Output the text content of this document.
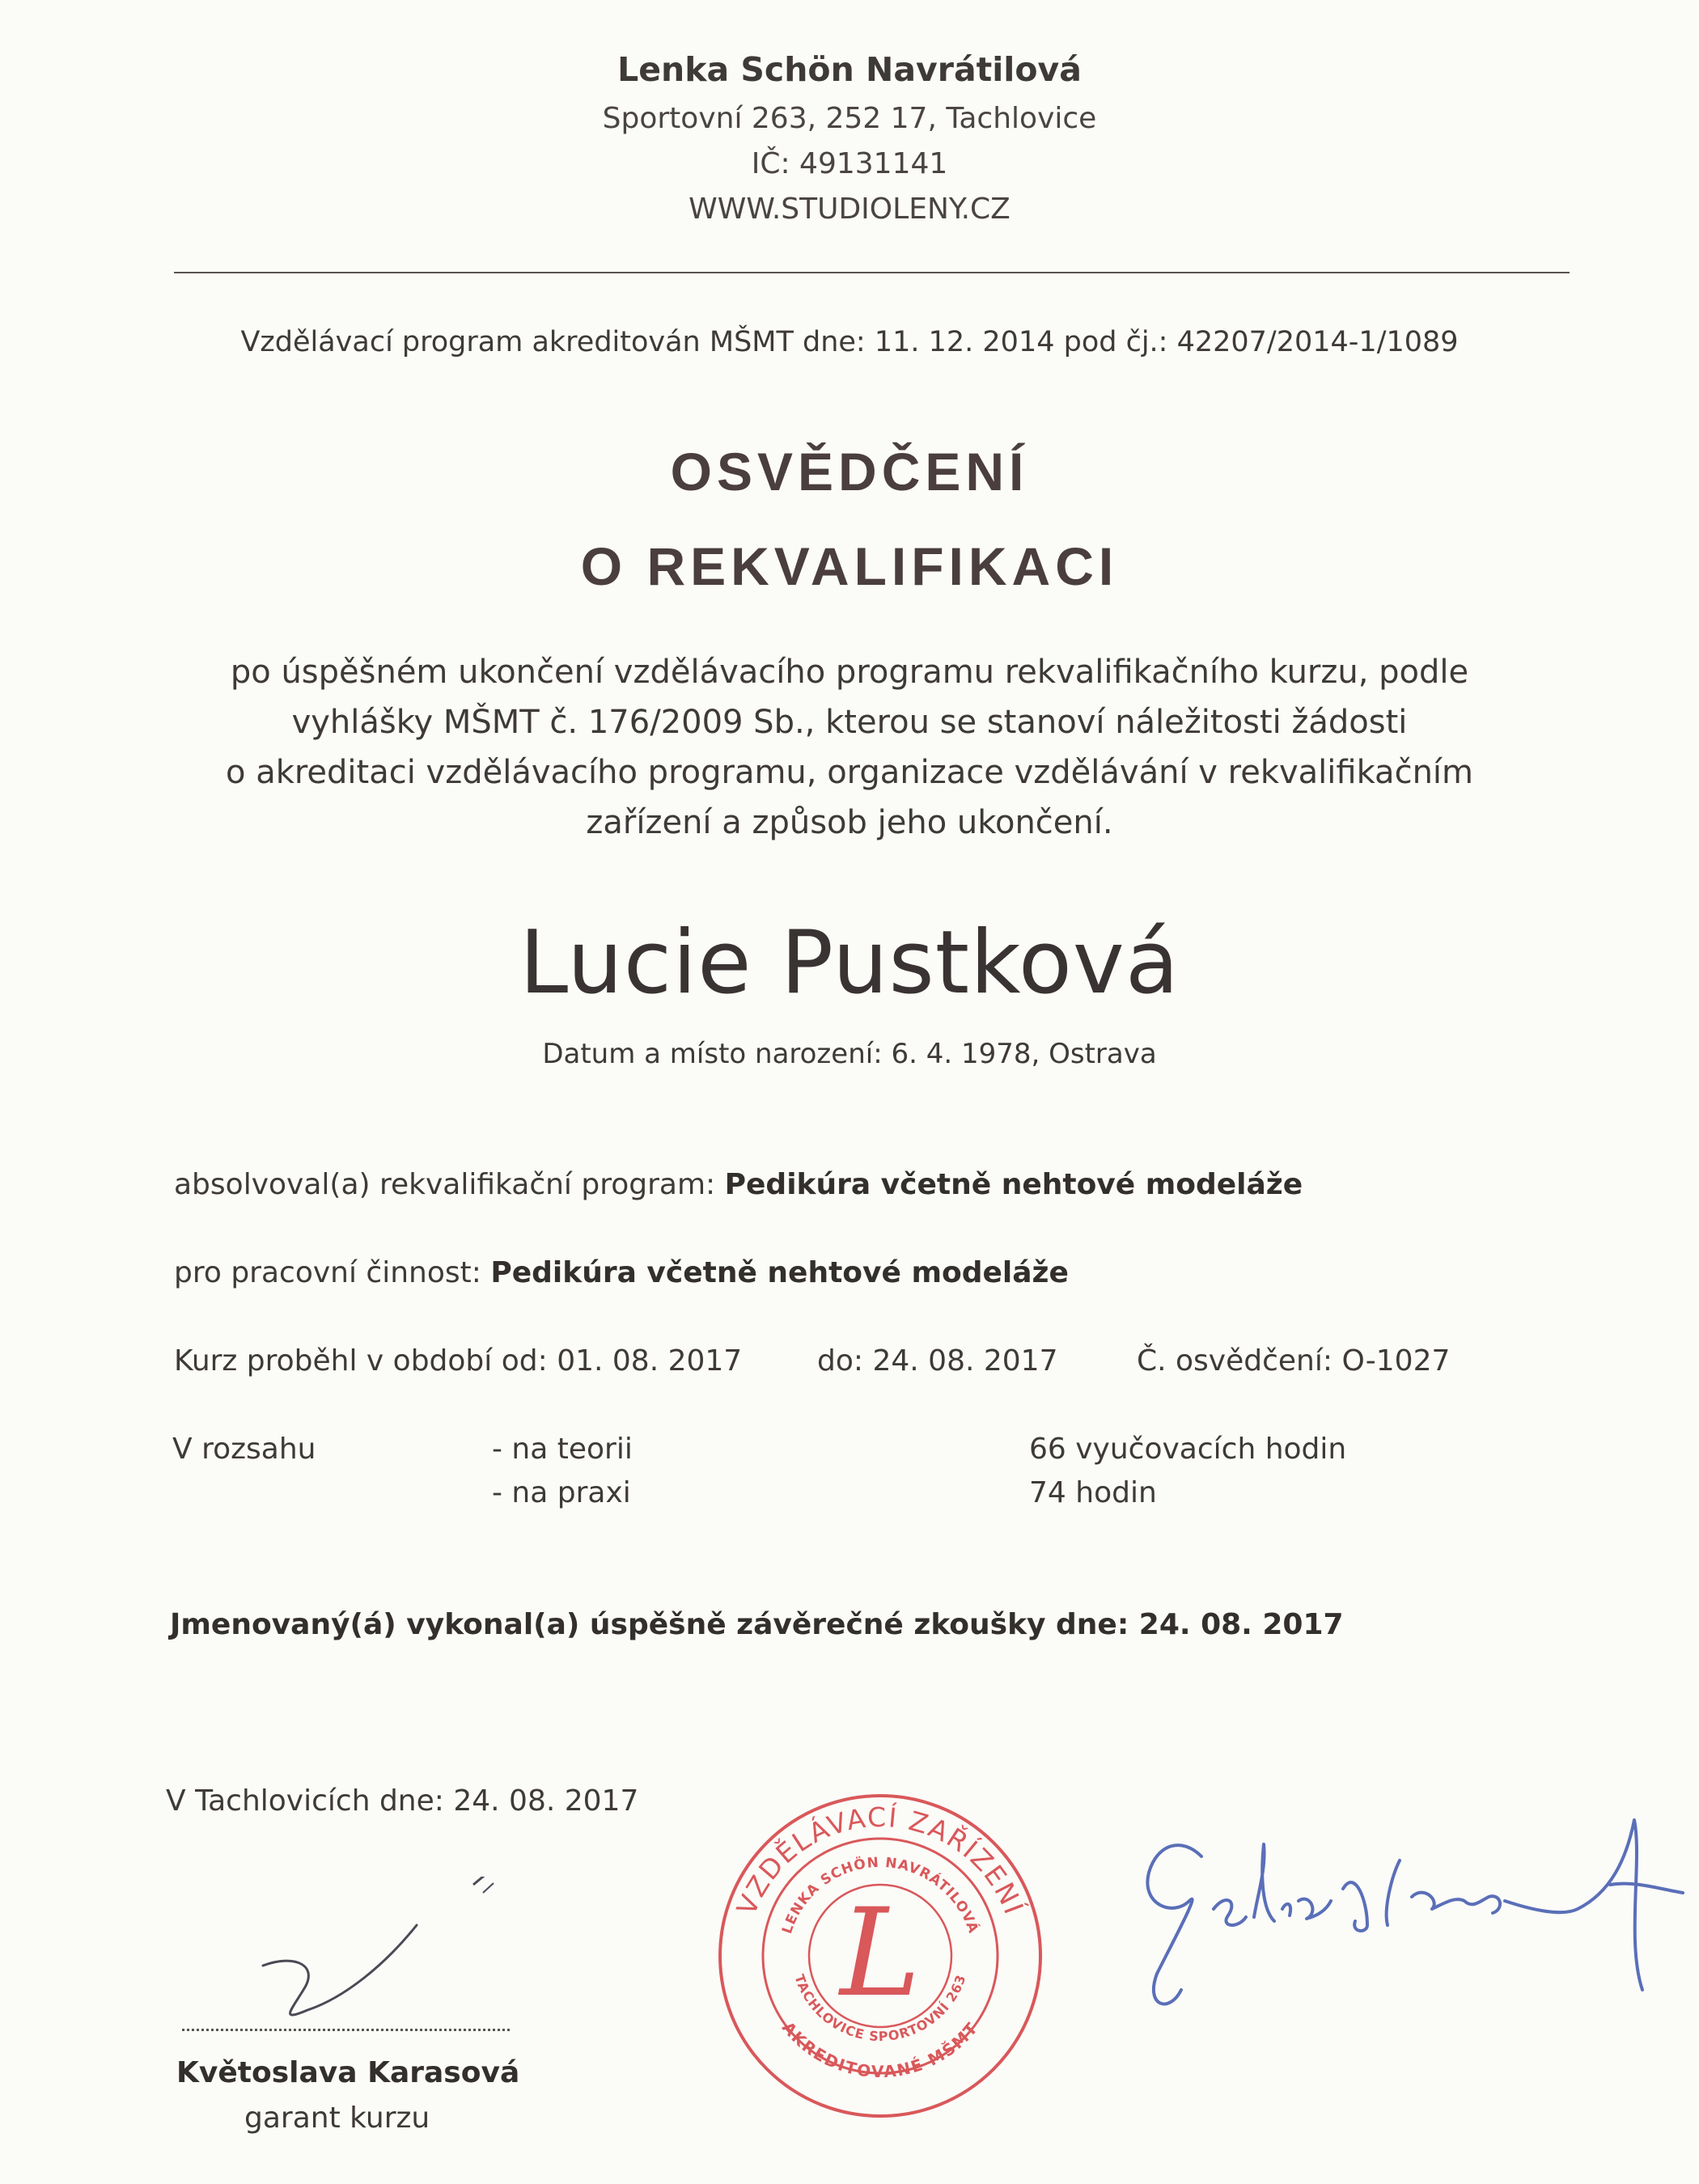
Lenka Schön Navrátilová
Sportovní 263, 252 17, Tachlovice
IČ: 49131141
WWW.STUDIOLENY.CZ
Vzdělávací program akreditován MŠMT dne: 11. 12. 2014 pod čj.: 42207/2014-1/1089
OSVĚDČENÍ
O REKVALIFIKACI
po úspěšném ukončení vzdělávacího programu rekvalifikačního kurzu, podle
vyhlášky MŠMT č. 176/2009 Sb., kterou se stanoví náležitosti žádosti
o akreditaci vzdělávacího programu, organizace vzdělávání v rekvalifikačním
zařízení a způsob jeho ukončení.
Lucie Pustková
Datum a místo narození: 6. 4. 1978, Ostrava
absolvoval(a) rekvalifikační program: Pedikúra včetně nehtové modeláže
pro pracovní činnost: Pedikúra včetně nehtové modeláže
Kurz proběhl v období od: 01. 08. 2017	do: 24. 08. 2017	Č. osvědčení: O-1027
V rozsahu	- na teorii	66 vyučovacích hodin
- na praxi	74 hodin
Jmenovaný(á) vykonal(a) úspěšně závěrečné zkoušky dne: 24. 08. 2017
V Tachlovicích dne: 24. 08. 2017
Květoslava Karasová
garant kurzu
VZDĚLÁVACÍ ZAŘÍZENÍ
LENKA SCHÖN NAVRÁTILOVÁ
TACHLOVICE SPORTOVNÍ 263
AKREDITOVANÉ MŠMT
L
